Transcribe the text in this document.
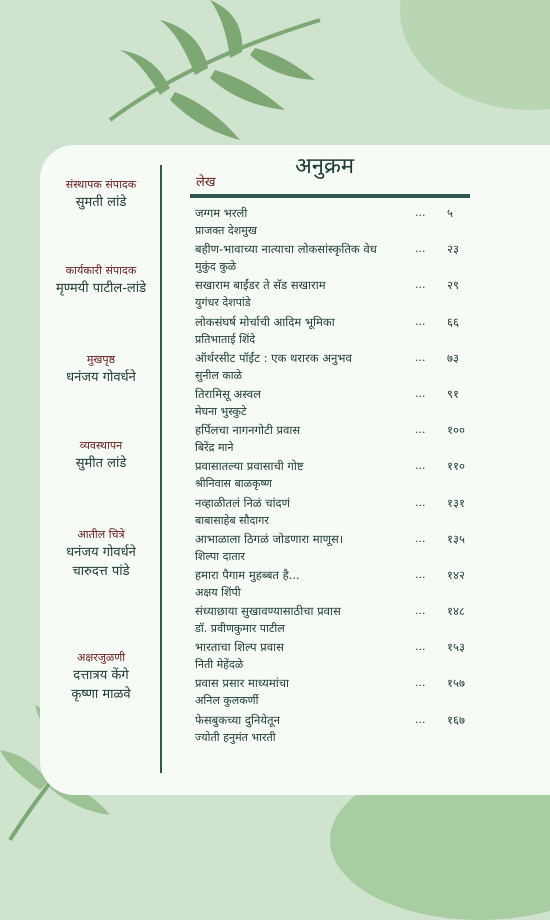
संस्थापक संपादक
सुमती लांडे
कार्यकारी संपादक
मृण्मयी पाटील-लांडे
मुखपृष्ठ
धनंजय गोवर्धने
व्यवस्थापन
सुमीत लांडे
आतील चित्रे
धनंजय गोवर्धने
चारुदत्त पांडे
अक्षरजुळणी
दत्तात्रय केंगे
कृष्णा माळवे
अनुक्रम
लेख
जग्गम भरली
प्राजक्त देशमुख
... ५
बहीण-भावाच्या नात्याचा लोकसांस्कृतिक वेध
मुकुंद कुळे
... २३
सखाराम बाईंडर ते सॅड सखाराम
युगंधर देशपांडे
... २९
लोकसंघर्ष मोर्चाची आदिम भूमिका
प्रतिभाताई शिंदे
... ६६
ऑर्थरसीट पॉईंट : एक थरारक अनुभव
सुनील काळे
... ७३
तिरामिसू अस्वल
मेघना भुस्कुटे
... ९१
हर्पिलचा नागनगोटी प्रवास
बिरेंद्र माने
... १००
प्रवासातल्या प्रवासाची गोष्ट
श्रीनिवास बाळकृष्ण
... ११०
नव्हाळीतलं निळं चांदणं
बाबासाहेब सौदागर
... १३१
आभाळाला ठिगळं जोडणारा माणूस।
शिल्पा दातार
... १३५
हमारा पैगाम मुहब्बत है...
अक्षय शिंपी
... १४२
संध्याछाया सुखावण्यासाठीचा प्रवास
डॉ. प्रवीणकुमार पाटील
... १४८
भारताचा शिल्प प्रवास
निती मेहेंदळे
... १५३
प्रवास प्रसार माध्यमांचा
अनिल कुलकर्णी
... १५७
फेसबुकच्या दुनियेतून
ज्योती हनुमंत भारती
... १६७
